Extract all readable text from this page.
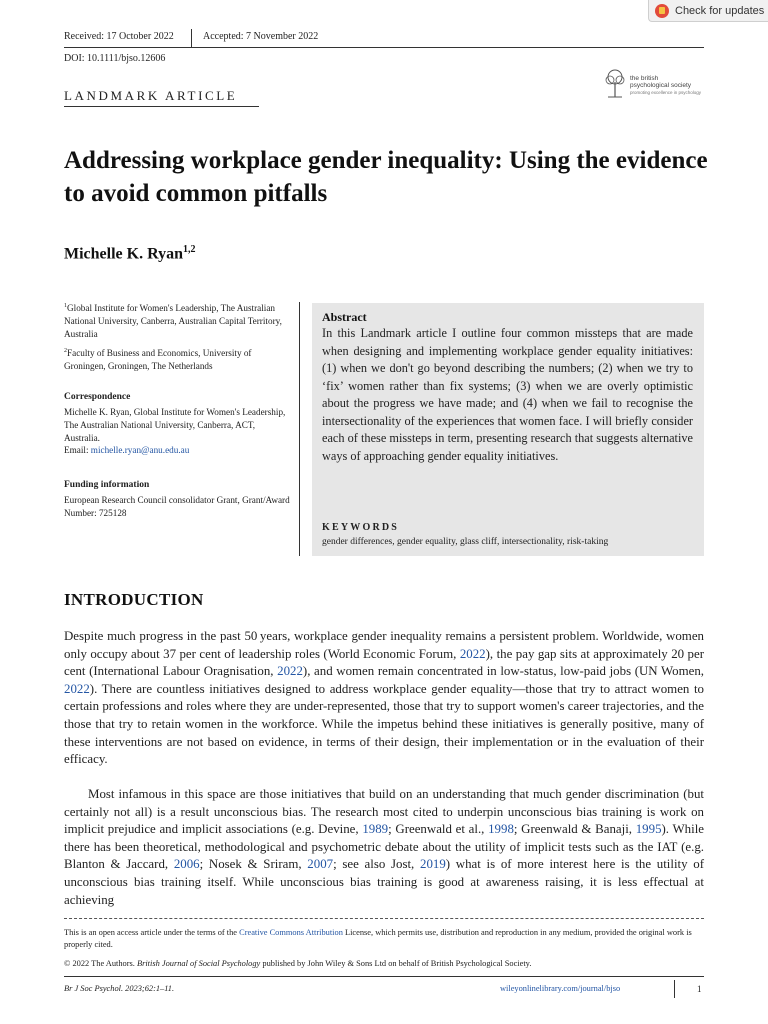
Check for updates
Received: 17 October 2022	Accepted: 7 November 2022
DOI: 10.1111/bjso.12606
the british
psychological society
promoting excellence in psychology
LANDMARK ARTICLE
Addressing workplace gender inequality: Using the evidence to avoid common pitfalls
Michelle K. Ryan$^{1,2}$
$^1$Global Institute for Women's Leadership, The Australian National University, Canberra, Australian Capital Territory, Australia
$^2$Faculty of Business and Economics, University of Groningen, Groningen, The Netherlands
Correspondence
Michelle K. Ryan, Global Institute for Women's Leadership, The Australian National University, Canberra, ACT, Australia.
Email: michelle.ryan@anu.edu.au
Funding information
European Research Council consolidator Grant, Grant/Award Number: 725128
Abstract
In this Landmark article I outline four common missteps that are made when designing and implementing workplace gender equality initiatives: (1) when we don't go beyond describing the numbers; (2) when we try to ‘fix’ women rather than fix systems; (3) when we are overly optimistic about the progress we have made; and (4) when we fail to recognise the intersectionality of the experiences that women face. I will briefly consider each of these missteps in term, presenting research that suggests alternative ways of approaching gender equality initiatives.
KEYWORDS
gender differences, gender equality, glass cliff, intersectionality, risk-taking
INTRODUCTION

Despite much progress in the past 50 years, workplace gender inequality remains a persistent problem. Worldwide, women only occupy about 37 per cent of leadership roles (World Economic Forum, 2022), the pay gap sits at approximately 20 per cent (International Labour Oragnisation, 2022), and women remain concentrated in low-status, low-paid jobs (UN Women, 2022). There are countless initiatives designed to address workplace gender equality—those that try to attract women to certain professions and roles where they are under-represented, those that try to support women's career trajectories, and the those that try to retain women in the workforce. While the impetus behind these initiatives is generally positive, many of these interventions are not based on evidence, in terms of their design, their implementation or in the evaluation of their efficacy.

Most infamous in this space are those initiatives that build on an understanding that much gender discrimination (but certainly not all) is a result unconscious bias. The research most cited to underpin unconscious bias training is work on implicit prejudice and implicit associations (e.g. Devine, 1989; Greenwald et al., 1998; Greenwald & Banaji, 1995). While there has been theoretical, methodological and psychometric debate about the utility of implicit tests such as the IAT (e.g. Blanton & Jaccard, 2006; Nosek & Sriram, 2007; see also Jost, 2019) what is of more interest here is the utility of unconscious bias training itself. While unconscious bias training is good at awareness raising, it is less effectual at achieving

This is an open access article under the terms of the Creative Commons Attribution License, which permits use, distribution and reproduction in any medium, provided the original work is properly cited.
© 2022 The Authors. British Journal of Social Psychology published by John Wiley & Sons Ltd on behalf of British Psychological Society.
Br J Soc Psychol. 2023;62:1–11.	wileyonlinelibrary.com/journal/bjso	1
